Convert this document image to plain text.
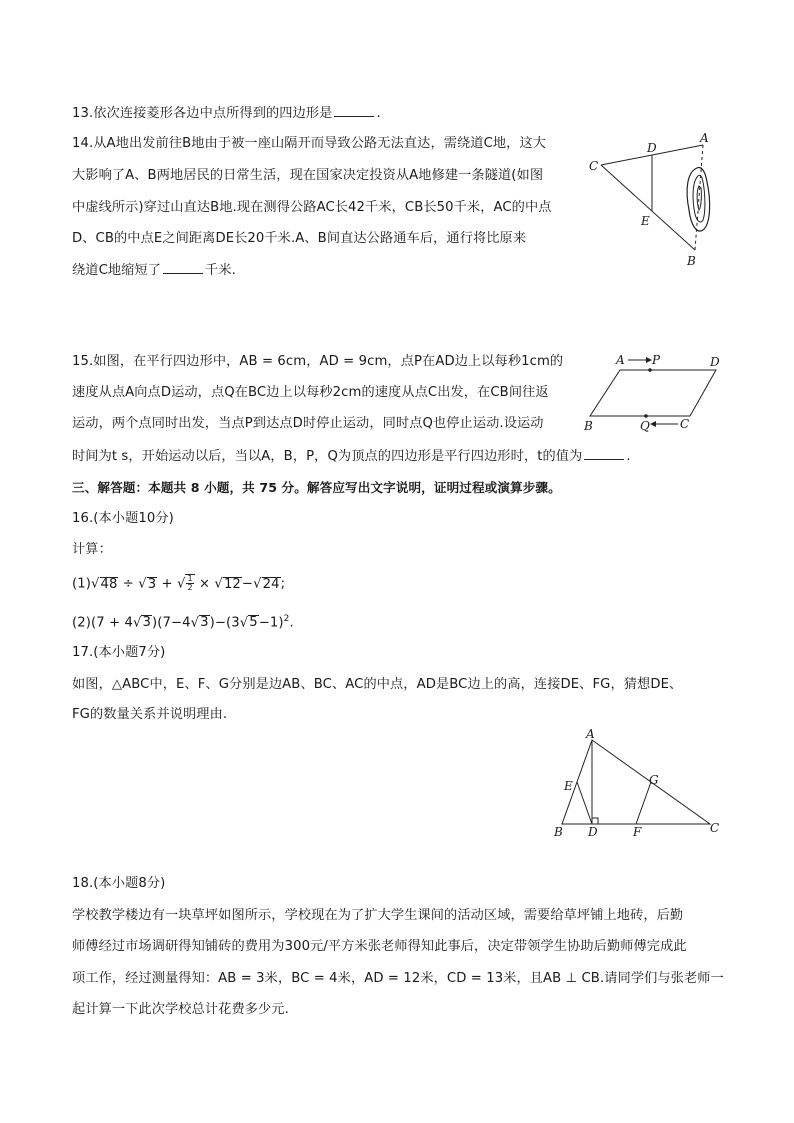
13.依次连接菱形各边中点所得到的四边形是	.
14.从A地出发前往B地由于被一座山隔开而导致公路无法直达，需绕道C地，这大
大影响了A、B两地居民的日常生活，现在国家决定投资从A地修建一条隧道(如图
中虚线所示)穿过山直达B地.现在测得公路AC长42千米，CB长50千米，AC的中点
D、CB的中点E之间距离DE长20千米.A、B间直达公路通车后，通行将比原来
绕道C地缩短了	千米.
C
D
A
E
B
15.如图，在平行四边形中，AB = 6cm，AD = 9cm，点P在AD边上以每秒1cm的
速度从点A向点D运动，点Q在BC边上以每秒2cm的速度从点C出发，在CB间往返
运动，两个点同时出发，当点P到达点D时停止运动，同时点Q也停止运动.设运动
时间为t s，开始运动以后，当以A，B，P，Q为顶点的四边形是平行四边形时，t的值为	.
A P	D
B	Q	C
三、解答题：本题共 8 小题，共 75 分。解答应写出文字说明，证明过程或演算步骤。
16.(本小题10分)
计算：
(1)√48 ÷ √3 + √ $\frac{1}{2} \times √12-√24$;
$(2)(7 + 4√3)(7-4√3)-(3√5-1)^2$.
17.(本小题7分)
如图，△ABC中，E、F、G分别是边AB、BC、AC的中点，AD是BC边上的高，连接DE、FG，猜想DE、
FG的数量关系并说明理由.
A
E	G
B D	F	C
18.(本小题8分)
学校教学楼边有一块草坪如图所示，学校现在为了扩大学生课间的活动区域，需要给草坪铺上地砖，后勤
师傅经过市场调研得知铺砖的费用为300元/平方米张老师得知此事后，决定带领学生协助后勤师傅完成此
项工作，经过测量得知：AB = 3米，BC = 4米，AD = 12米，CD = 13米，且AB ⊥ CB.请同学们与张老师一
起计算一下此次学校总计花费多少元.
